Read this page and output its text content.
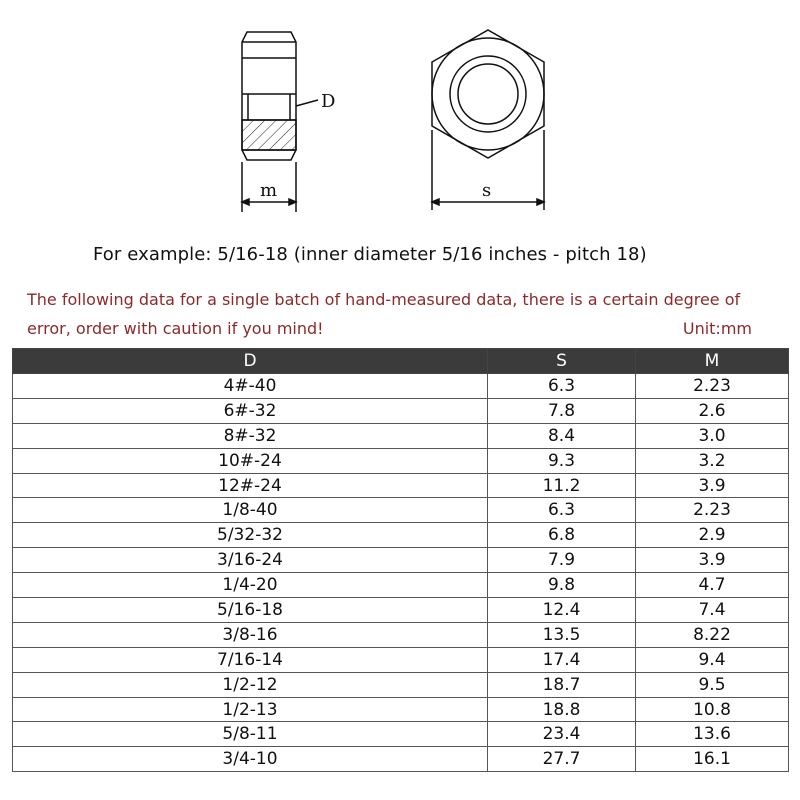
D
m	s
For example: 5/16-18 (inner diameter 5/16 inches - pitch 18)
The following data for a single batch of hand-measured data, there is a certain degree of
error, order with caution if you mind!	Unit:mm
D	S	M
4#-40	6.3	2.23
6#-32	7.8	2.6
8#-32	8.4	3.0
10#-24	9.3	3.2
12#-24	11.2	3.9
1/8-40	6.3	2.23
5/32-32	6.8	2.9
3/16-24	7.9	3.9
1/4-20	9.8	4.7
5/16-18	12.4	7.4
3/8-16	13.5	8.22
7/16-14	17.4	9.4
1/2-12	18.7	9.5
1/2-13	18.8	10.8
5/8-11	23.4	13.6
3/4-10	27.7	16.1
